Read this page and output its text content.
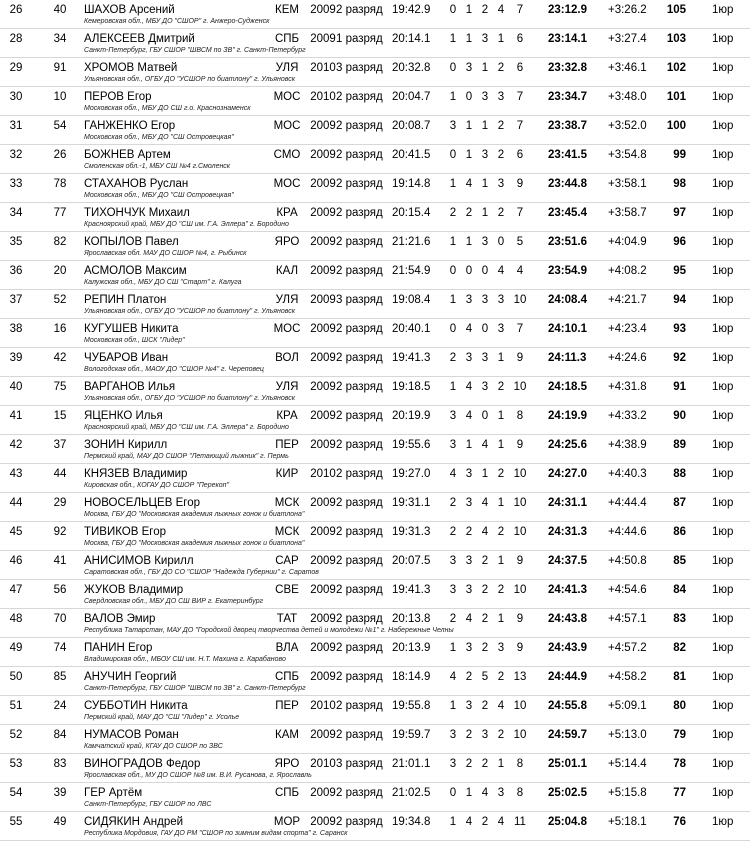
26	40	ШАХОВ Арсений	КЕМ 2009 2 разряд 19:42.9	0 1 2 4	7	23:12.9 +3:26.2	105 1юр
Кемеровская обл., МБУ ДО "СШОР" г. Анжеро-Судженск
28	34	АЛЕКСЕЕВ Дмитрий	СПБ 2009 1 разряд 20:14.1	1 1 3 1	6	23:14.1 +3:27.4	103 1юр
Санкт-Петербург, ГБУ СШОР "ШВСМ по ЗВ" г. Санкт-Петербург
29	91	ХРОМОВ Матвей	УЛЯ	2010 3 разряд 20:32.8	0 3 1 2	6	23:32.8 +3:46.1	102 1юр
Ульяновская обл., ОГБУ ДО "УСШОР по биатлону" г. Ульяновск
30	10	ПЕРОВ Егор	МОС 2010 2 разряд 20:04.7	1 0 3 3	7	23:34.7 +3:48.0	101 1юр
Московская обл., МБУ ДО СШ г.о. Краснознаменск
31	54	ГАНЖЕНКО Егор	МОС 2009 2 разряд 20:08.7	3 1 1 2	7	23:38.7 +3:52.0	100 1юр
Московская обл., МБУ ДО "СШ Островецкая"
32	26	БОЖНЕВ Артем	СМО 2009 2 разряд 20:41.5	0 1 3 2	6	23:41.5 +3:54.8	99 1юр
Смоленская обл.-1, МБУ СШ №4 г.Смоленск
33	78	СТАХАНОВ Руслан	МОС 2009 2 разряд 19:14.8	1 4 1 3	9	23:44.8 +3:58.1	98 1юр
Московская обл., МБУ ДО "СШ Островецкая"
34	77	ТИХОНЧУК Михаил	КРА	2009 2 разряд 20:15.4	2 2 1 2	7	23:45.4 +3:58.7	97 1юр
Красноярский край, МБУ ДО "СШ им. Г.А. Эллера" г. Бородино
35	82	КОПЫЛОВ Павел	ЯРО 2009 2 разряд 21:21.6	1 1 3 0	5	23:51.6 +4:04.9	96 1юр
Ярославская обл. МАУ ДО СШОР №4, г. Рыбинск
36	20	АСМОЛОВ Максим	КАЛ	2009 2 разряд 21:54.9	0 0 0 4	4	23:54.9 +4:08.2	95 1юр
Калужская обл., МБУ ДО СШ "Старт" г. Калуга
37	52	РЕПИН Платон	УЛЯ	2009 3 разряд 19:08.4	1 3 3 3 10	24:08.4 +4:21.7	94 1юр
Ульяновская обл., ОГБУ ДО "УСШОР по биатлону" г. Ульяновск
38	16	КУГУШЕВ Никита	МОС 2009 2 разряд 20:40.1	0 4 0 3	7	24:10.1 +4:23.4	93 1юр
Московская обл., ШСК "Лидер"
39	42	ЧУБАРОВ Иван	ВОЛ 2009 2 разряд 19:41.3	2 3 3 1	9	24:11.3 +4:24.6	92 1юр
Вологодская обл., МАОУ ДО "СШОР №4" г. Череповец
40	75	ВАРГАНОВ Илья	УЛЯ	2009 2 разряд 19:18.5	1 4 3 2 10	24:18.5 +4:31.8	91 1юр
Ульяновская обл., ОГБУ ДО "УСШОР по биатлону" г. Ульяновск
41	15	ЯЦЕНКО Илья	КРА	2009 2 разряд 20:19.9	3 4 0 1	8	24:19.9 +4:33.2	90 1юр
Красноярский край, МБУ ДО "СШ им. Г.А. Эллера" г. Бородино
42	37	ЗОНИН Кирилл	ПЕР 2009 2 разряд 19:55.6	3 1 4 1	9	24:25.6 +4:38.9	89 1юр
Пермский край, МАУ ДО СШОР "Летающий лыжник" г. Пермь
43	44	КНЯЗЕВ Владимир	КИР	2010 2 разряд 19:27.0	4 3 1 2 10	24:27.0 +4:40.3	88 1юр
Кировская обл., КОГАУ ДО СШОР "Перекоп"
44	29	НОВОСЕЛЬЦЕВ Егор	МСК 2009 2 разряд 19:31.1	2 3 4 1 10	24:31.1 +4:44.4	87 1юр
Москва, ГБУ ДО "Московская академия лыжных гонок и биатлона"
45	92	ТИВИКОВ Егор	МСК 2009 2 разряд 19:31.3	2 2 4 2 10	24:31.3 +4:44.6	86 1юр
Москва, ГБУ ДО "Московская академия лыжных гонок и биатлона"
46	41	АНИСИМОВ Кирилл	САР 2009 2 разряд 20:07.5	3 3 2 1	9	24:37.5 +4:50.8	85 1юр
Саратовская обл., ГБУ ДО СО "СШОР "Надежда Губернии" г. Саратов
47	56	ЖУКОВ Владимир	СВЕ 2009 2 разряд 19:41.3	3 3 2 2 10	24:41.3 +4:54.6	84 1юр
Свердловская обл., МБУ ДО СШ ВИР г. Екатеринбург
48	70	ВАЛОВ Эмир	ТАТ	2009 2 разряд 20:13.8	2 4 2 1	9	24:43.8 +4:57.1	83 1юр
Республика Татарстан, МАУ ДО "Городской дворец творчества детей и молодежи №1" г. Набережные Челны
49	74	ПАНИН Егор	ВЛА	2009 2 разряд 20:13.9	1 3 2 3	9	24:43.9 +4:57.2	82 1юр
Владимирская обл., МБОУ СШ им. Н.Т. Махина г. Карабаново
50	85	АНУЧИН Георгий	СПБ 2009 2 разряд 18:14.9	4 2 5 2 13	24:44.9 +4:58.2	81 1юр
Санкт-Петербург, ГБУ СШОР "ШВСМ по ЗВ" г. Санкт-Петербург
51	24	СУББОТИН Никита	ПЕР 2010 2 разряд 19:55.8	1 3 2 4 10	24:55.8 +5:09.1	80 1юр
Пермский край, МАУ ДО "СШ "Лидер" г. Усолье
52	84	НУМАСОВ Роман	КАМ 2009 2 разряд 19:59.7	3 2 3 2 10	24:59.7 +5:13.0	79 1юр
Камчатский край, КГАУ ДО СШОР по ЗВС
53	83	ВИНОГРАДОВ Федор	ЯРО 2010 3 разряд 21:01.1	3 2 2 1	8	25:01.1 +5:14.4	78 1юр
Ярославская обл., МУ ДО СШОР №8 им. В.И. Русанова, г. Ярославль
54	39	ГЕР Артём	СПБ 2009 2 разряд 21:02.5	0 1 4 3	8	25:02.5 +5:15.8	77 1юр
Санкт-Петербург, ГБУ СШОР по ЛВС
55	49	СИДЯКИН Андрей	МОР 2009 2 разряд 19:34.8	1 4 2 4 11	25:04.8 +5:18.1	76 1юр
Республика Мордовия, ГАУ ДО РМ "СШОР по зимним видам спорта" г. Саранск
